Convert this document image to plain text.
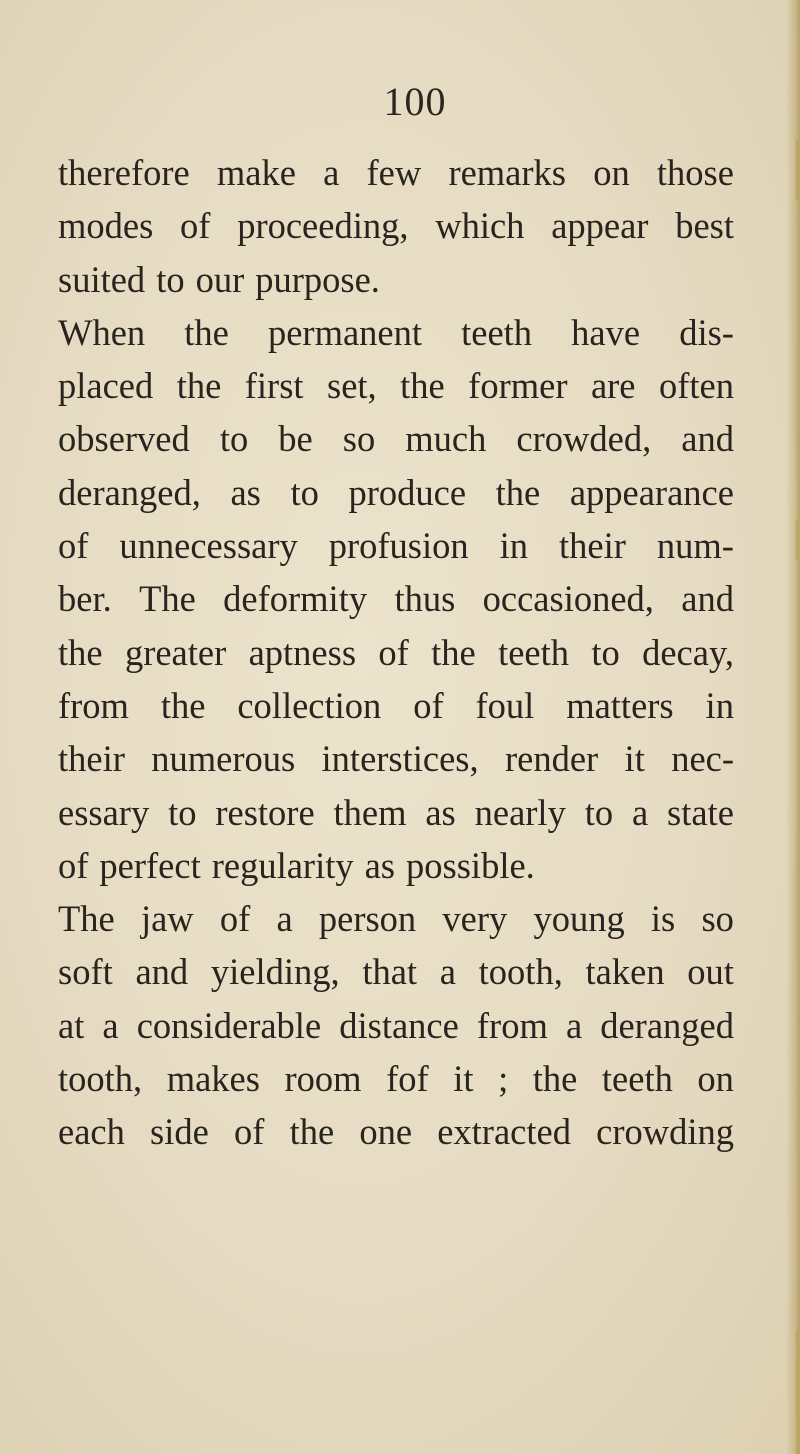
100
therefore make a few remarks on those
modes of proceeding, which appear best
suited to our purpose.
When the permanent teeth have dis-
placed the first set, the former are often
observed to be so much crowded, and
deranged, as to produce the appearance
of unnecessary profusion in their num-
ber. The deformity thus occasioned, and
the greater aptness of the teeth to decay,
from the collection of foul matters in
their numerous interstices, render it nec-
essary to restore them as nearly to a state
of perfect regularity as possible.
The jaw of a person very young is so
soft and yielding, that a tooth, taken out
at a considerable distance from a deranged
tooth, makes room fof it ; the teeth on
each side of the one extracted crowding
